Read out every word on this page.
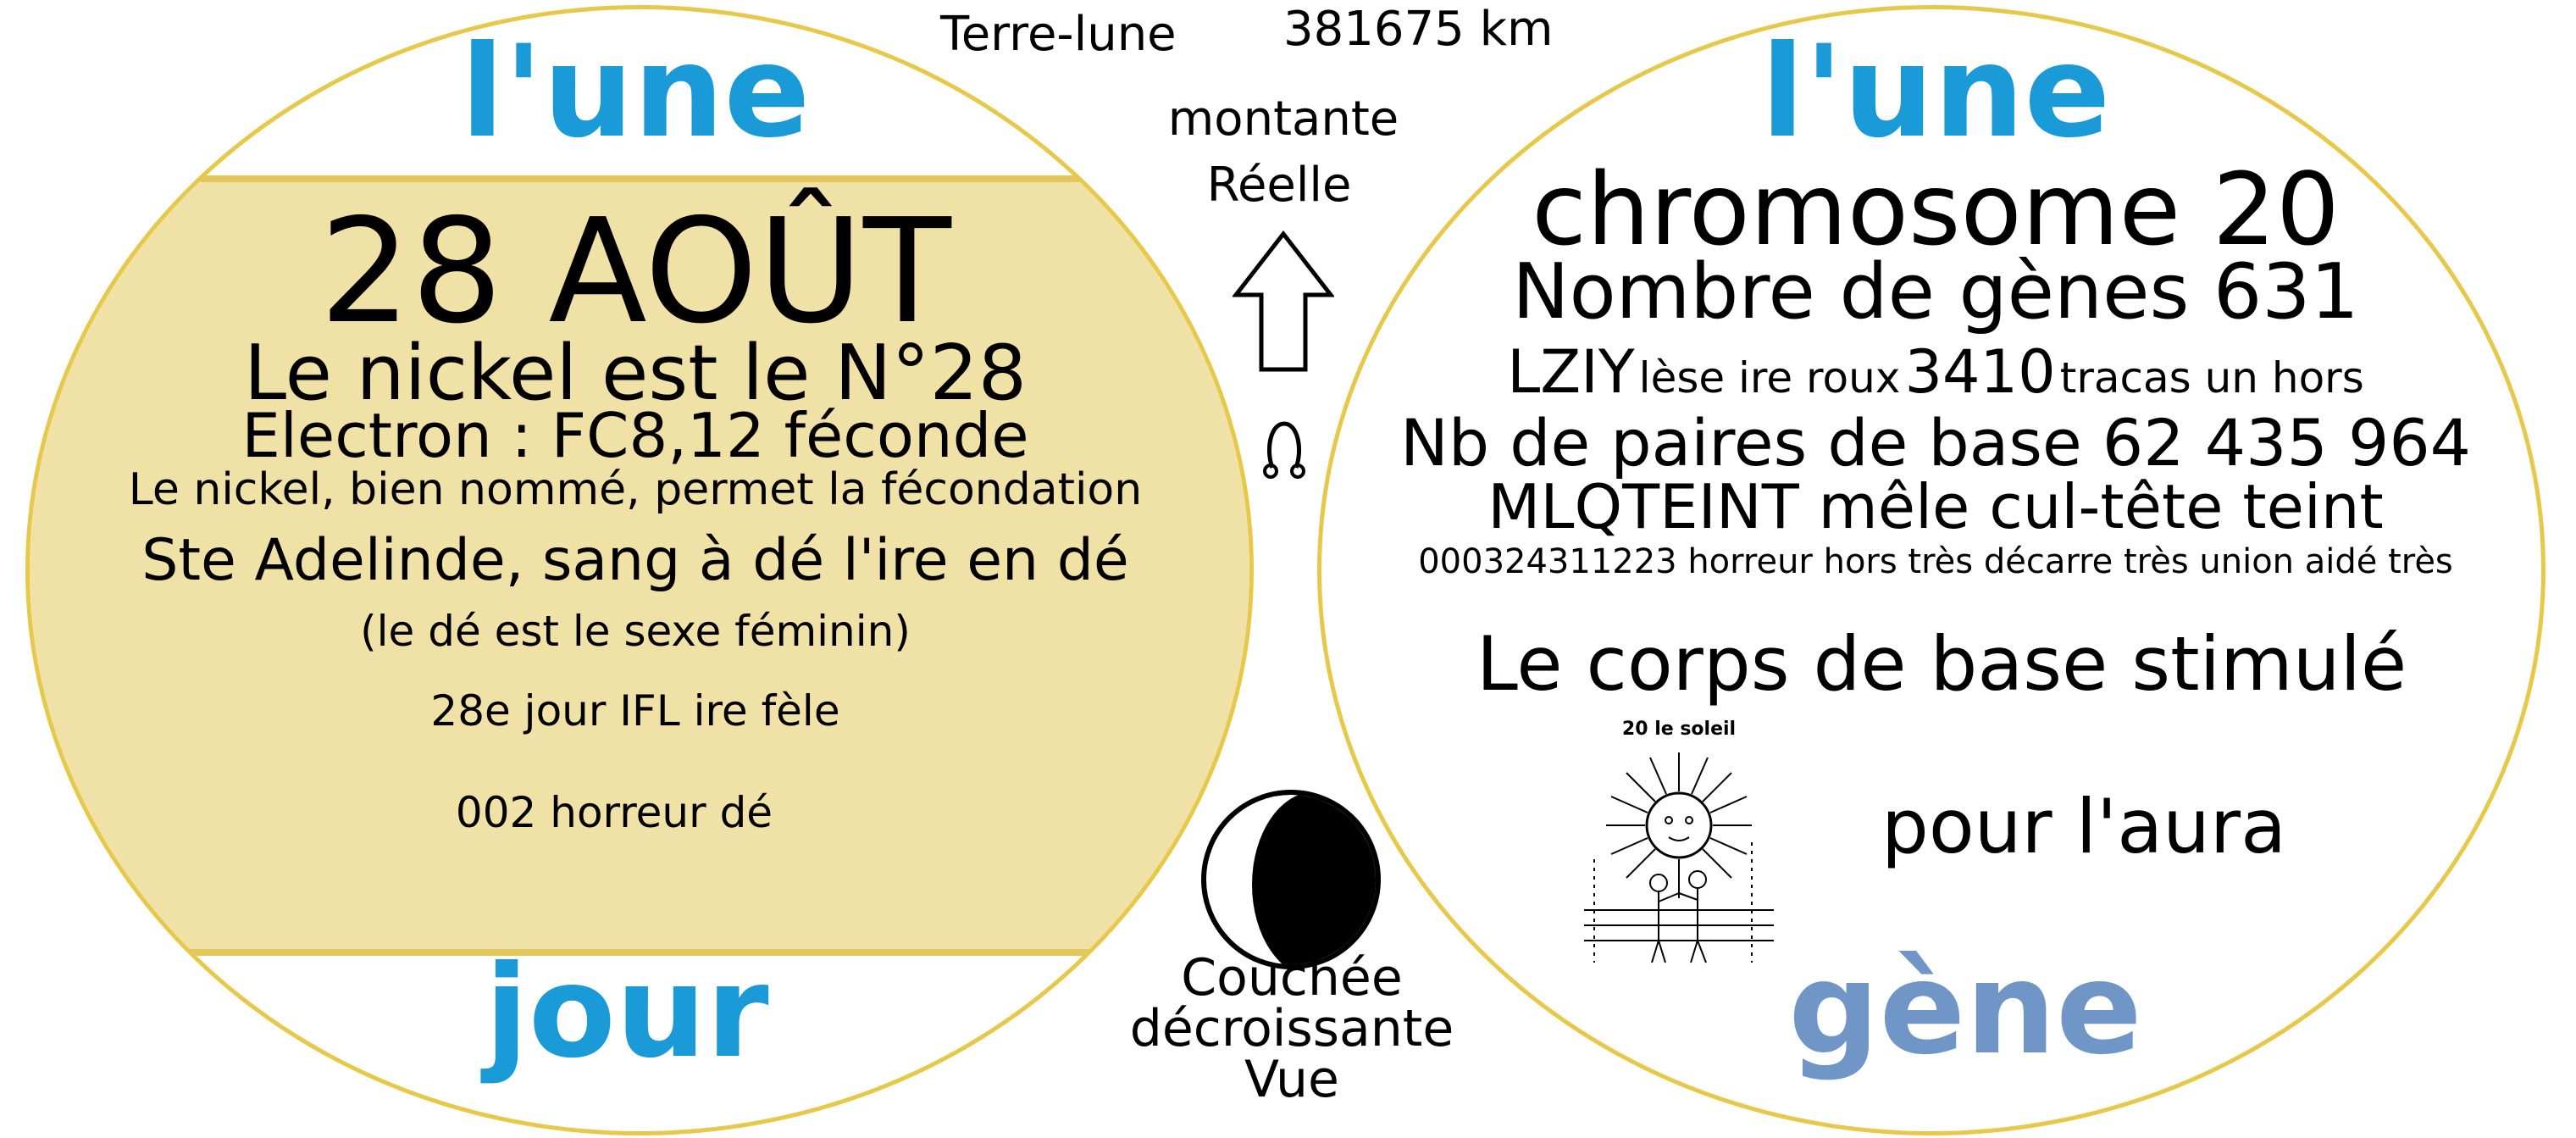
l'une
28 AOÛT
Le nickel est le N°28
Electron : FC8,12 féconde
Le nickel, bien nommé, permet la fécondation
Ste Adelinde, sang à dé l'ire en dé
(le dé est le sexe féminin)
28e jour IFL ire fèle
002 horreur dé
jour
Terre-lune 381675 km
montante
Réelle
Couchée
décroissante
Vue
l'une
chromosome 20
Nombre de gènes 631
LZIY lèse ire roux 3410 tracas un hors
Nb de paires de base 62 435 964
MLQTEINT mêle cul-tête teint
000324311223 horreur hors très décarre très union aidé très
Le corps de base stimulé
20 le soleil
pour l'aura
gène
